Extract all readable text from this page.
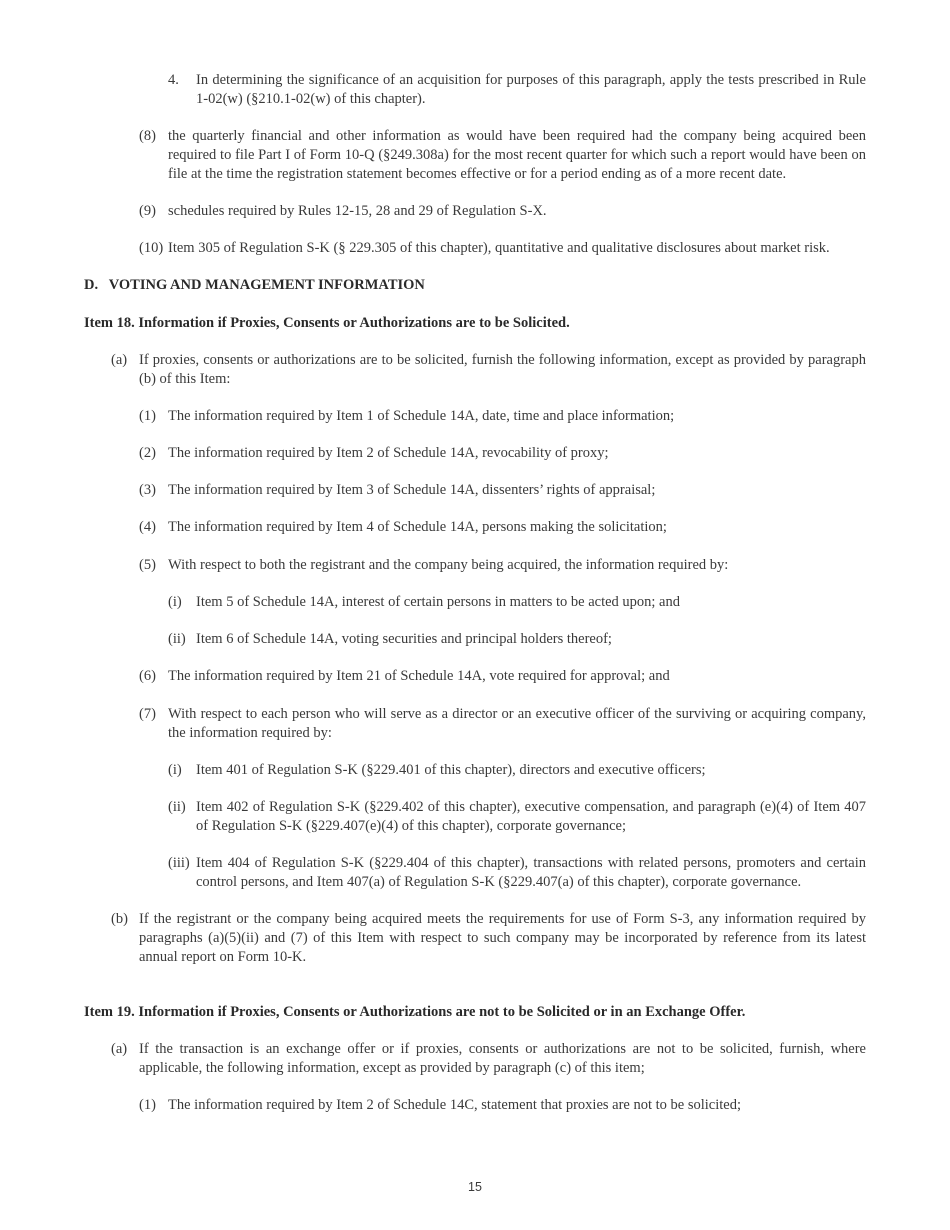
4.	In determining the significance of an acquisition for purposes of this paragraph, apply the tests prescribed in Rule 1-02(w) (§210.1-02(w) of this chapter).
(8) the quarterly financial and other information as would have been required had the company being acquired been required to file Part I of Form 10-Q (§249.308a) for the most recent quarter for which such a report would have been on file at the time the registration statement becomes effective or for a period ending as of a more recent date.
(9) schedules required by Rules 12-15, 28 and 29 of Regulation S-X.
(10) Item 305 of Regulation S-K (§ 229.305 of this chapter), quantitative and qualitative disclosures about market risk.
D.   VOTING AND MANAGEMENT INFORMATION
Item 18. Information if Proxies, Consents or Authorizations are to be Solicited.
(a) If proxies, consents or authorizations are to be solicited, furnish the following information, except as provided by paragraph (b) of this Item:
(1) The information required by Item 1 of Schedule 14A, date, time and place information;
(2) The information required by Item 2 of Schedule 14A, revocability of proxy;
(3) The information required by Item 3 of Schedule 14A, dissenters’ rights of appraisal;
(4) The information required by Item 4 of Schedule 14A, persons making the solicitation;
(5) With respect to both the registrant and the company being acquired, the information required by:
(i) Item 5 of Schedule 14A, interest of certain persons in matters to be acted upon; and
(ii) Item 6 of Schedule 14A, voting securities and principal holders thereof;
(6) The information required by Item 21 of Schedule 14A, vote required for approval; and
(7) With respect to each person who will serve as a director or an executive officer of the surviving or acquiring company, the information required by:
(i) Item 401 of Regulation S-K (§229.401 of this chapter), directors and executive officers;
(ii) Item 402 of Regulation S-K (§229.402 of this chapter), executive compensation, and paragraph (e)(4) of Item 407 of Regulation S-K (§229.407(e)(4) of this chapter), corporate governance;
(iii) Item 404 of Regulation S-K (§229.404 of this chapter), transactions with related persons, promoters and certain control persons, and Item 407(a) of Regulation S-K (§229.407(a) of this chapter), corporate governance.
(b) If the registrant or the company being acquired meets the requirements for use of Form S-3, any information required by paragraphs (a)(5)(ii) and (7) of this Item with respect to such company may be incorporated by reference from its latest annual report on Form 10-K.
Item 19. Information if Proxies, Consents or Authorizations are not to be Solicited or in an Exchange Offer.
(a) If the transaction is an exchange offer or if proxies, consents or authorizations are not to be solicited, furnish, where applicable, the following information, except as provided by paragraph (c) of this item;
(1) The information required by Item 2 of Schedule 14C, statement that proxies are not to be solicited;
15
